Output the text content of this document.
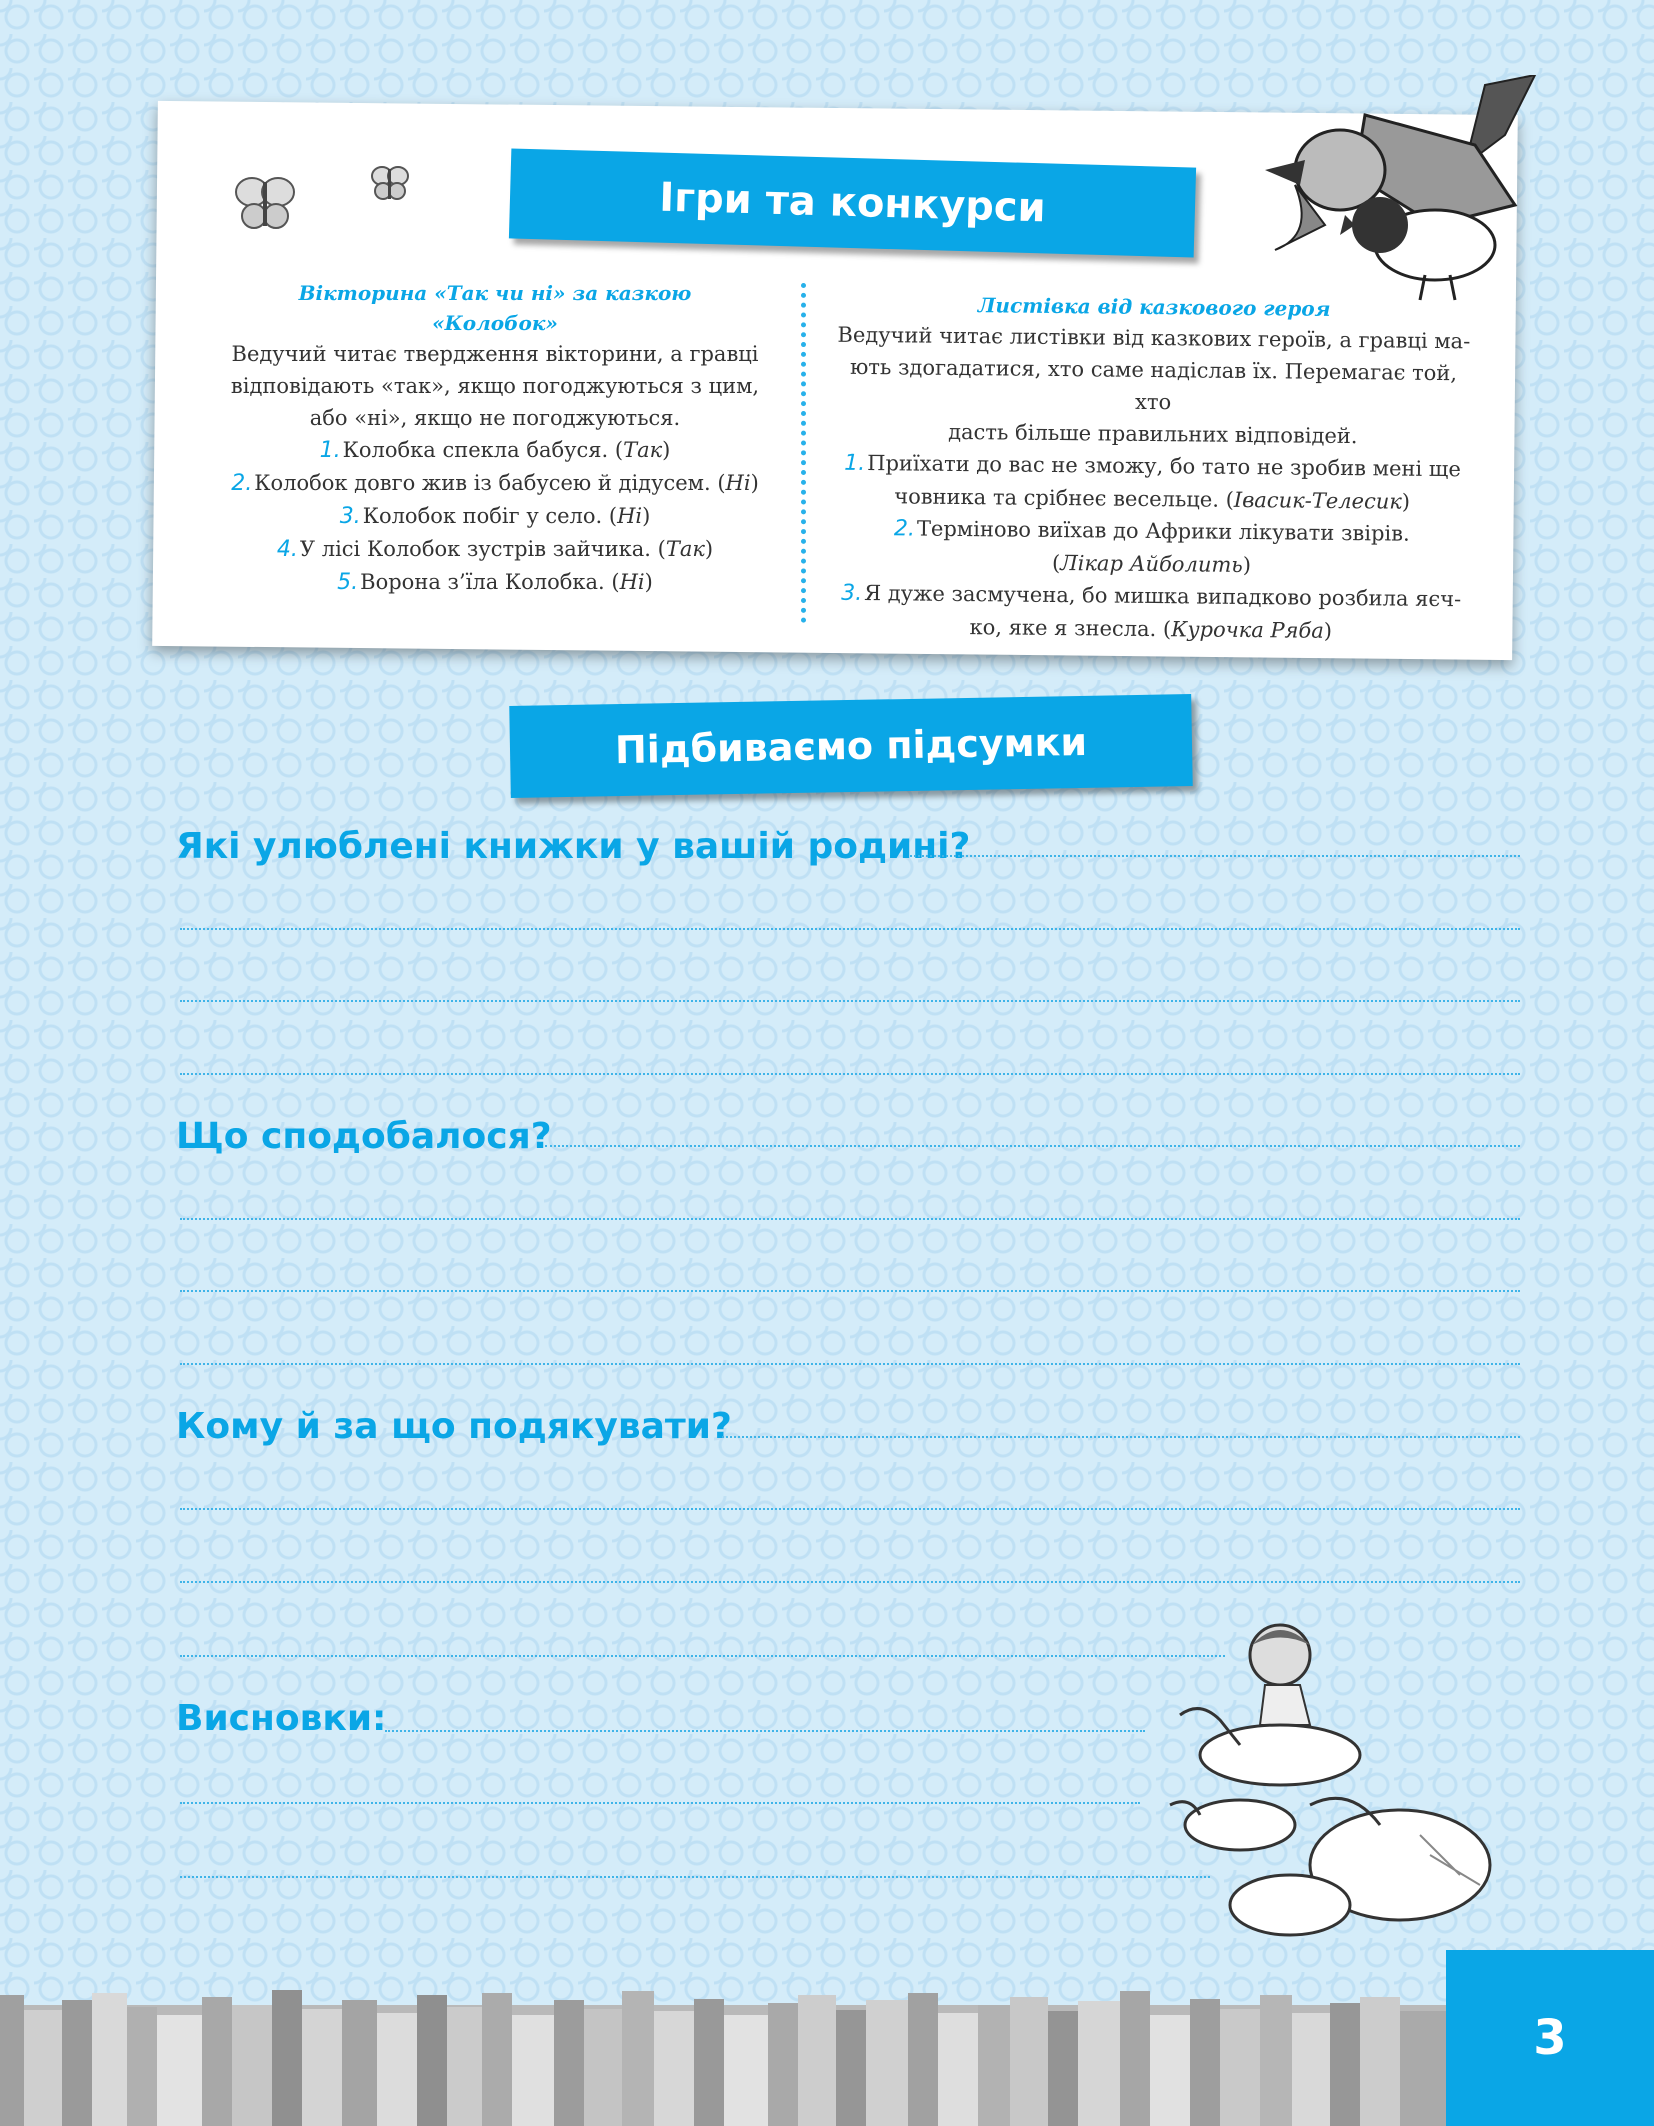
Ігри та конкурси
Вікторина «Так чи ні» за казкою
«Колобок»

Ведучий читає твердження вікторини, а гравці

відповідають «так», якщо погоджуються з цим,

або «ні», якщо не погоджуються.

1.Колобка спекла бабуся. (Так)

2.Колобок довго жив із бабусею й дідусем. (Ні)

3.Колобок побіг у село. (Ні)

4.У лісі Колобок зустрів зайчика. (Так)

5.Ворона з’їла Колобка. (Ні)

Листівка від казкового героя

Ведучий читає листівки від казкових героїв, а гравці ма-

ють здогадатися, хто саме надіслав їх. Перемагає той, хто

дасть більше правильних відповідей.

1.Приїхати до вас не зможу, бо тато не зробив мені ще

човника та срібнеє весельце. (Івасик-Телесик)

2.Терміново виїхав до Африки лікувати звірів.

(Лікар Айболить)

3.Я дуже засмучена, бо мишка випадково розбила яєч-

ко, яке я знесла. (Курочка Ряба)

Підбиваємо підсумки
Які улюблені книжки у вашій родині?
Що сподобалося?
Кому й за що подякувати?
Висновки:
3
